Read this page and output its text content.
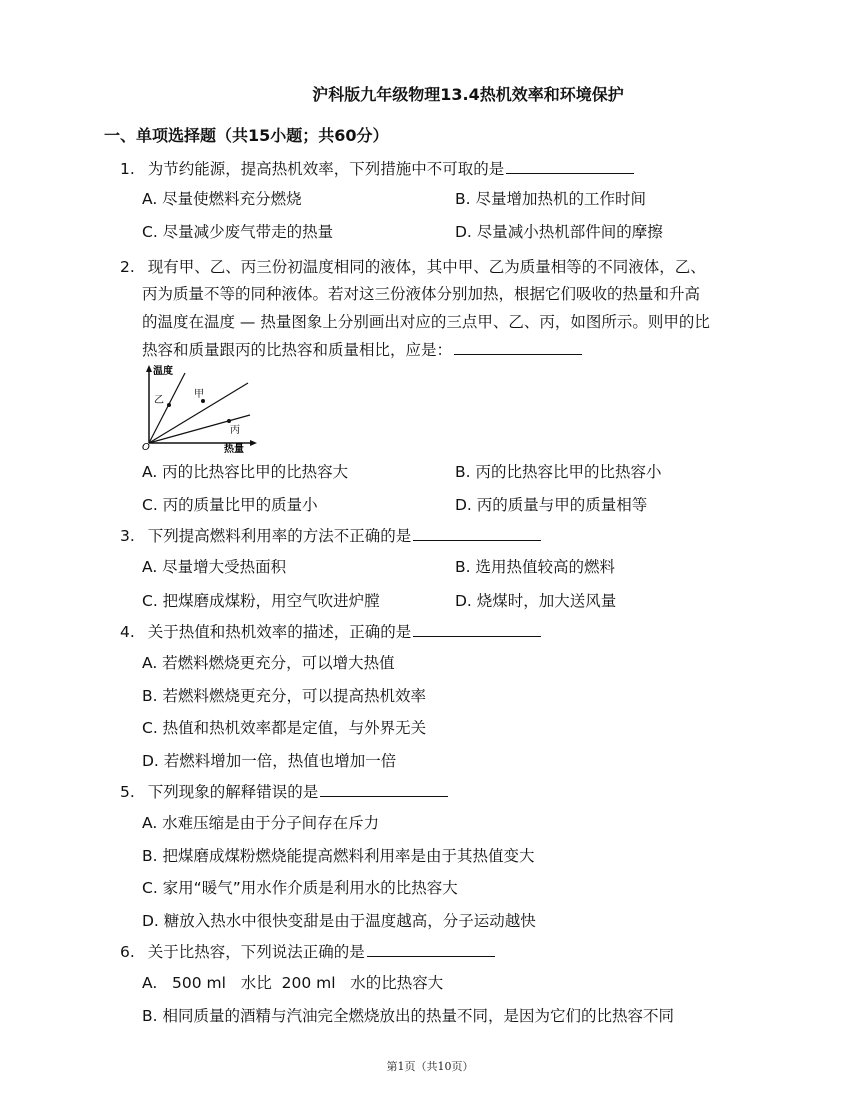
沪科版九年级物理13.4热机效率和环境保护
一、单项选择题（共15小题；共60分）
1. 为节约能源，提高热机效率，下列措施中不可取的是
A. 尽量使燃料充分燃烧	B. 尽量增加热机的工作时间
C. 尽量减少废气带走的热量	D. 尽量减小热机部件间的摩擦
2. 现有甲、乙、丙三份初温度相同的液体，其中甲、乙为质量相等的不同液体，乙、
丙为质量不等的同种液体。若对这三份液体分别加热，根据它们吸收的热量和升高
的温度在温度 — 热量图象上分别画出对应的三点甲、乙、丙，如图所示。则甲的比
热容和质量跟丙的比热容和质量相比，应是：
温度
热量
O
乙
甲
丙
A. 丙的比热容比甲的比热容大	B. 丙的比热容比甲的比热容小
C. 丙的质量比甲的质量小	D. 丙的质量与甲的质量相等
3. 下列提高燃料利用率的方法不正确的是
A. 尽量增大受热面积	B. 选用热值较高的燃料
C. 把煤磨成煤粉，用空气吹进炉膛	D. 烧煤时，加大送风量
4. 关于热值和热机效率的描述，正确的是
A. 若燃料燃烧更充分，可以增大热值
B. 若燃料燃烧更充分，可以提高热机效率
C. 热值和热机效率都是定值，与外界无关
D. 若燃料增加一倍，热值也增加一倍
5. 下列现象的解释错误的是
A. 水难压缩是由于分子间存在斥力
B. 把煤磨成煤粉燃烧能提高燃料利用率是由于其热值变大
C. 家用“暖气”用水作介质是利用水的比热容大
D. 糖放入热水中很快变甜是由于温度越高，分子运动越快
6. 关于比热容，下列说法正确的是
A.   500 ml   水比  200 ml   水的比热容大
B. 相同质量的酒精与汽油完全燃烧放出的热量不同，是因为它们的比热容不同
第1页（共10页）
